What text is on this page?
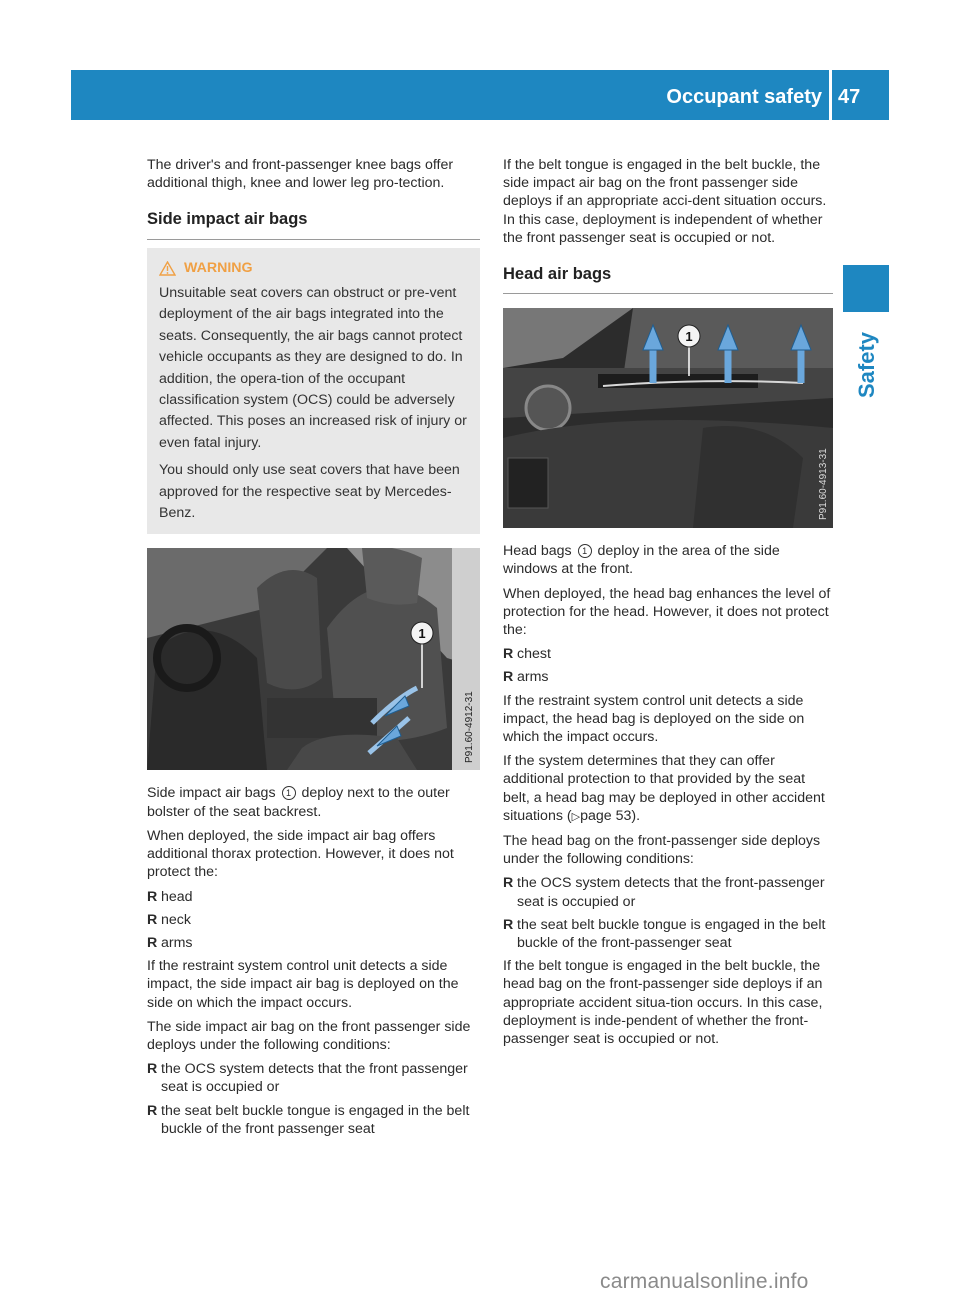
Occupant safety 47
Safety

The driver's and front-passenger knee bags offer additional thigh, knee and lower leg pro-tection.

Side impact air bags
WARNING

Unsuitable seat covers can obstruct or pre-vent deployment of the air bags integrated into the seats. Consequently, the air bags cannot protect vehicle occupants as they are designed to do. In addition, the opera-tion of the occupant classification system (OCS) could be adversely affected. This poses an increased risk of injury or even fatal injury.

You should only use seat covers that have been approved for the respective seat by Mercedes-Benz.

1
P91.60-4912-31

Side impact air bags 1 deploy next to the outer bolster of the seat backrest.

When deployed, the side impact air bag offers additional thorax protection. However, it does not protect the:

R head
R neck
R arms

If the restraint system control unit detects a side impact, the side impact air bag is deployed on the side on which the impact occurs.

The side impact air bag on the front passenger side deploys under the following conditions:

R the OCS system detects that the front passenger seat is occupied or
R the seat belt buckle tongue is engaged in the belt buckle of the front passenger seat

If the belt tongue is engaged in the belt buckle, the side impact air bag on the front passenger side deploys if an appropriate acci-dent situation occurs. In this case, deployment is independent of whether the front passenger seat is occupied or not.

Head air bags
1
P91.60-4913-31

Head bags 1 deploy in the area of the side windows at the front.

When deployed, the head bag enhances the level of protection for the head. However, it does not protect the:

R chest
R arms

If the restraint system control unit detects a side impact, the head bag is deployed on the side on which the impact occurs.

If the system determines that they can offer additional protection to that provided by the seat belt, a head bag may be deployed in other accident situations (▷page 53).

The head bag on the front-passenger side deploys under the following conditions:

R the OCS system detects that the front-passenger seat is occupied or
R the seat belt buckle tongue is engaged in the belt buckle of the front-passenger seat

If the belt tongue is engaged in the belt buckle, the head bag on the front-passenger side deploys if an appropriate accident situa-tion occurs. In this case, deployment is inde-pendent of whether the front-passenger seat is occupied or not.

carmanualsonline.info
